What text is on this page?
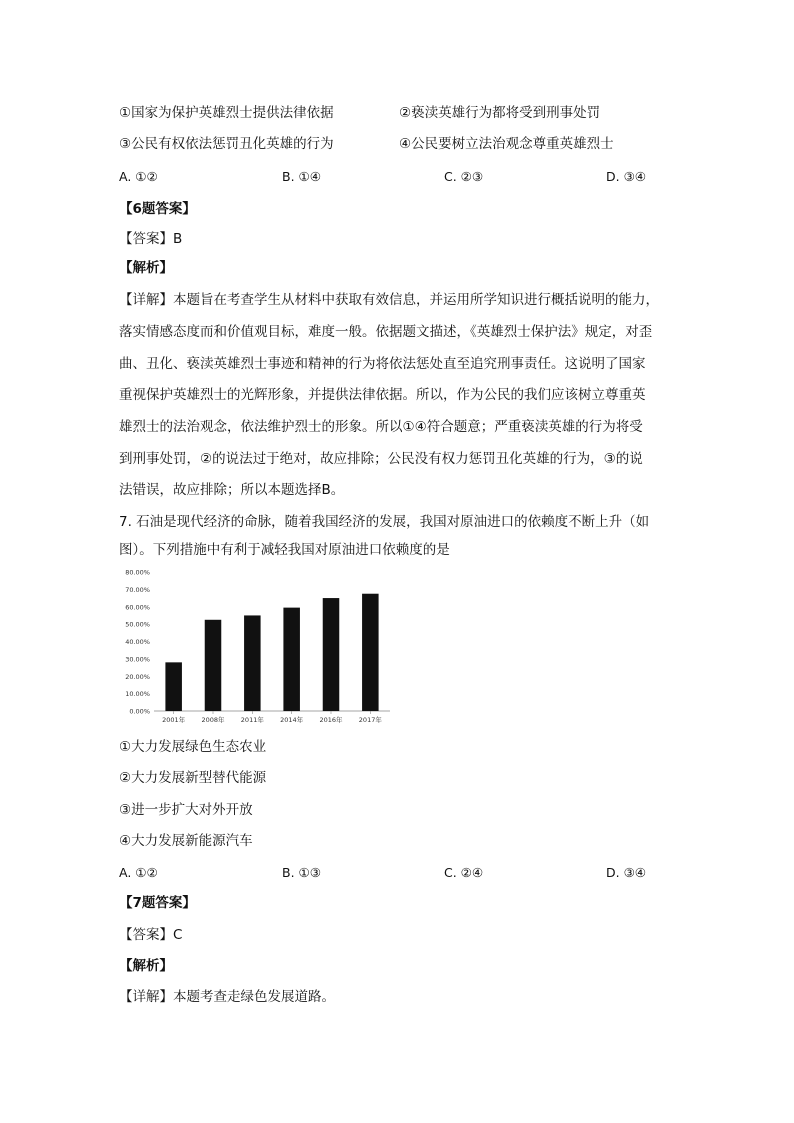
①国家为保护英雄烈士提供法律依据	②亵渎英雄行为都将受到刑事处罚
③公民有权依法惩罚丑化英雄的行为	④公民要树立法治观念尊重英雄烈士
A. ①②	B. ①④	C. ②③	D. ③④
【6题答案】
【答案】B
【解析】
【详解】本题旨在考查学生从材料中获取有效信息，并运用所学知识进行概括说明的能力，
落实情感态度而和价值观目标，难度一般。依据题文描述，《英雄烈士保护法》规定，对歪
曲、丑化、亵渎英雄烈士事迹和精神的行为将依法惩处直至追究刑事责任。这说明了国家
重视保护英雄烈士的光辉形象，并提供法律依据。所以，作为公民的我们应该树立尊重英
雄烈士的法治观念，依法维护烈士的形象。所以①④符合题意；严重亵渎英雄的行为将受
到刑事处罚，②的说法过于绝对，故应排除；公民没有权力惩罚丑化英雄的行为，③的说
法错误，故应排除；所以本题选择B。
7. 石油是现代经济的命脉，随着我国经济的发展，我国对原油进口的依赖度不断上升（如
图）。下列措施中有利于减轻我国对原油进口依赖度的是
0.00%
10.00%
20.00%
30.00%
40.00%
50.00%
60.00%
70.00%
80.00%
2001年	2008年	2011年	2014年	2016年	2017年
①大力发展绿色生态农业
②大力发展新型替代能源
③进一步扩大对外开放
④大力发展新能源汽车
A. ①②	B. ①③	C. ②④	D. ③④
【7题答案】
【答案】C
【解析】
【详解】本题考查走绿色发展道路。
